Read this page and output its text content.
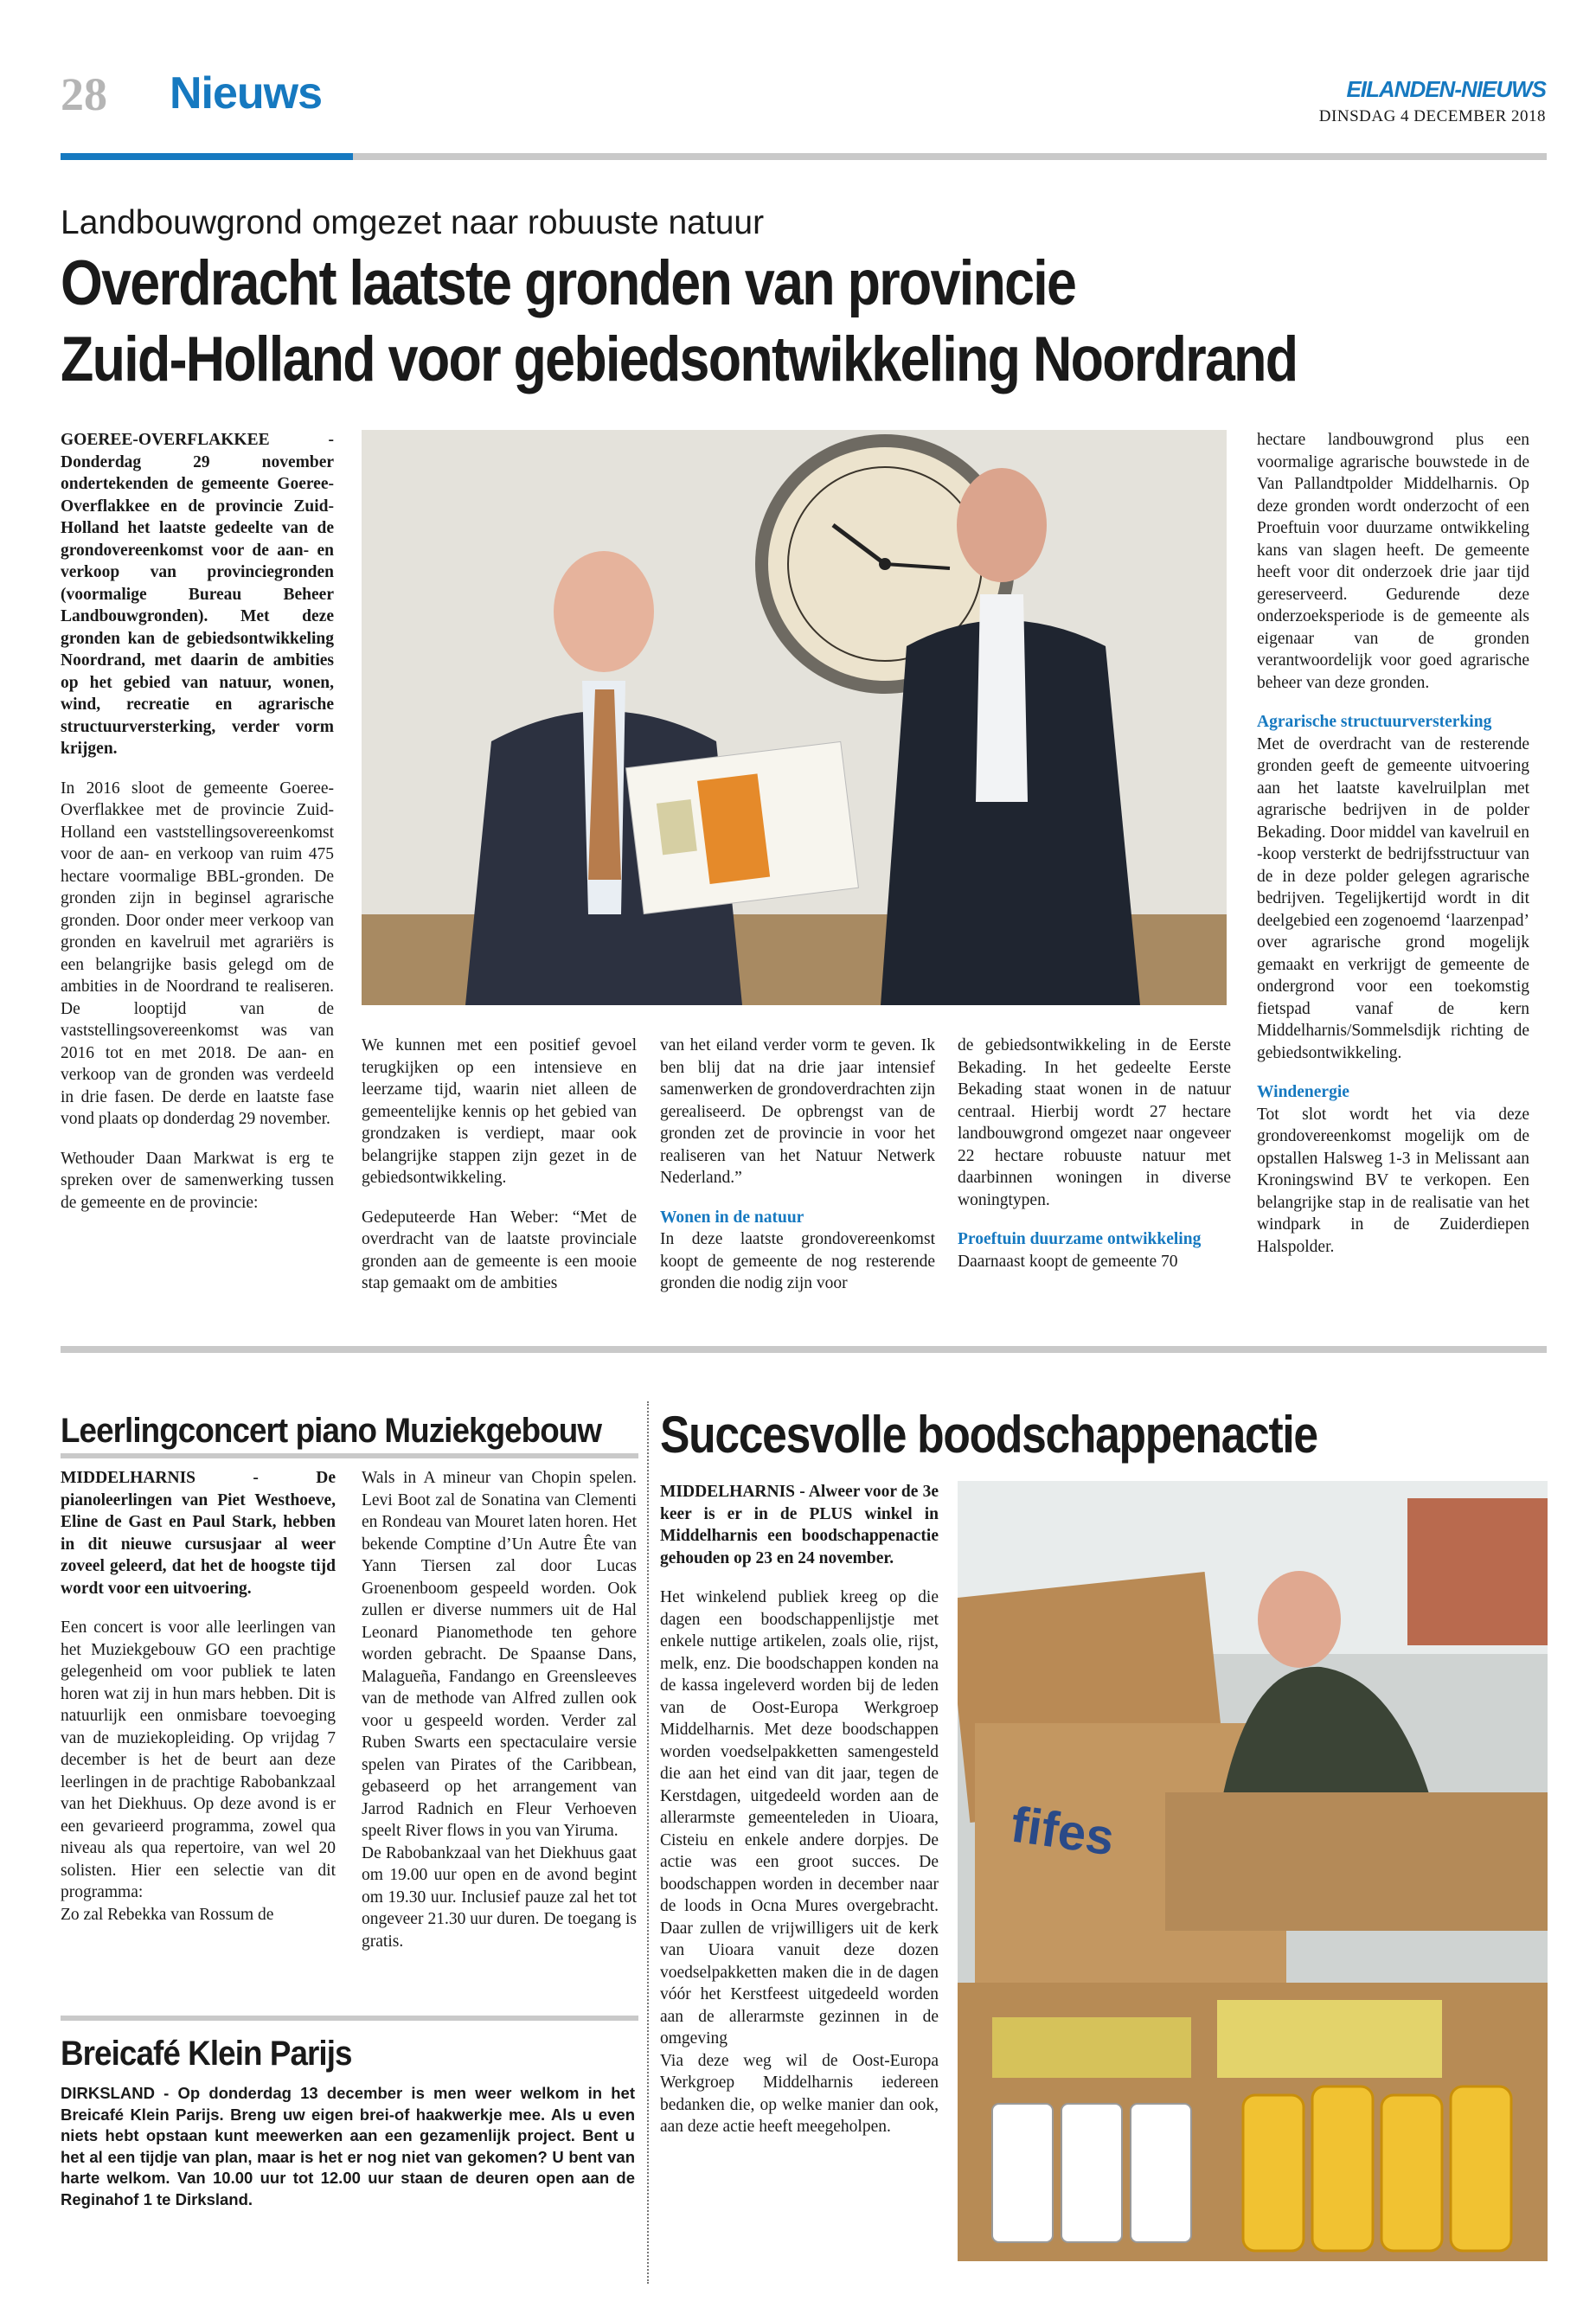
28 Nieuws	EILANDEN-NIEUWS
DINSDAG 4 DECEMBER 2018
Landbouwgrond omgezet naar robuuste natuur
Overdracht laatste gronden van provincie
Zuid-Holland voor gebiedsontwikkeling Noordrand

GOEREE-OVERFLAKKEE - Donderdag 29 november ondertekenden de gemeente Goeree-Overflakkee en de provincie Zuid-Holland het laatste gedeelte van de grondovereenkomst voor de aan- en verkoop van provinciegronden (voormalige Bureau Beheer Landbouwgronden). Met deze gronden kan de gebiedsontwikkeling Noordrand, met daarin de ambities op het gebied van natuur, wonen, wind, recreatie en agrarische structuurversterking, verder vorm krijgen.

In 2016 sloot de gemeente Goeree-Overflakkee met de provincie Zuid-Holland een vaststellingsovereenkomst voor de aan- en verkoop van ruim 475 hectare voormalige BBL-gronden. De gronden zijn in beginsel agrarische gronden. Door onder meer verkoop van gronden en kavelruil met agrariërs is een belangrijke basis gelegd om de ambities in de Noordrand te realiseren. De looptijd van de vaststellingsovereenkomst was van 2016 tot en met 2018. De aan- en verkoop van de gronden was verdeeld in drie fasen. De derde en laatste fase vond plaats op donderdag 29 november.

Wethouder Daan Markwat is erg te spreken over de samenwerking tussen de gemeente en de provincie:

We kunnen met een positief gevoel terugkijken op een intensieve en leerzame tijd, waarin niet alleen de gemeentelijke kennis op het gebied van grondzaken is verdiept, maar ook belangrijke stappen zijn gezet in de gebiedsontwikkeling.

Gedeputeerde Han Weber: “Met de overdracht van de laatste provinciale gronden aan de gemeente is een mooie stap gemaakt om de ambities

van het eiland verder vorm te geven. Ik ben blij dat na drie jaar intensief samenwerken de grondoverdrachten zijn gerealiseerd. De opbrengst van de gronden zet de provincie in voor het realiseren van het Natuur Netwerk Nederland.”

Wonen in de natuur

In deze laatste grondovereenkomst koopt de gemeente de nog resterende gronden die nodig zijn voor

de gebiedsontwikkeling in de Eerste Bekading. In het gedeelte Eerste Bekading staat wonen in de natuur centraal. Hierbij wordt 27 hectare landbouwgrond omgezet naar ongeveer 22 hectare robuuste natuur met daarbinnen woningen in diverse woningtypen.

Proeftuin duurzame ontwikkeling

Daarnaast koopt de gemeente 70

hectare landbouwgrond plus een voormalige agrarische bouwstede in de Van Pallandtpolder Middelharnis. Op deze gronden wordt onderzocht of een Proeftuin voor duurzame ontwikkeling kans van slagen heeft. De gemeente heeft voor dit onderzoek drie jaar tijd gereserveerd. Gedurende deze onderzoeksperiode is de gemeente als eigenaar van de gronden verantwoordelijk voor goed agrarische beheer van deze gronden.

Agrarische structuurversterking

Met de overdracht van de resterende gronden geeft de gemeente uitvoering aan het laatste kavelruilplan met agrarische bedrijven in de polder Bekading. Door middel van kavelruil en -koop versterkt de bedrijfsstructuur van de in deze polder gelegen agrarische bedrijven. Tegelijkertijd wordt in dit deelgebied een zogenoemd ‘laarzenpad’ over agrarische grond mogelijk gemaakt en verkrijgt de gemeente de ondergrond voor een toekomstig fietspad vanaf de kern Middelharnis/Sommelsdijk richting de gebiedsontwikkeling.

Windenergie

Tot slot wordt het via deze grondovereenkomst mogelijk om de opstallen Halsweg 1-3 in Melissant aan Kroningswind BV te verkopen. Een belangrijke stap in de realisatie van het windpark in de Zuiderdiepen Halspolder.

Leerlingconcert piano Muziekgebouw

MIDDELHARNIS - De pianoleerlingen van Piet Westhoeve, Eline de Gast en Paul Stark, hebben in dit nieuwe cursusjaar al weer zoveel geleerd, dat het de hoogste tijd wordt voor een uitvoering.

Een concert is voor alle leerlingen van het Muziekgebouw GO een prachtige gelegenheid om voor publiek te laten horen wat zij in hun mars hebben. Dit is natuurlijk een onmisbare toevoeging van de muziekopleiding. Op vrijdag 7 december is het de beurt aan deze leerlingen in de prachtige Rabobankzaal van het Diekhuus. Op deze avond is er een gevarieerd programma, zowel qua niveau als qua repertoire, van wel 20 solisten. Hier een selectie van dit programma:

Zo zal Rebekka van Rossum de

Wals in A mineur van Chopin spelen. Levi Boot zal de Sonatina van Clementi en Rondeau van Mouret laten horen. Het bekende Comptine d’Un Autre Ête van Yann Tiersen zal door Lucas Groenenboom gespeeld worden. Ook zullen er diverse nummers uit de Hal Leonard Pianomethode ten gehore worden gebracht. De Spaanse Dans, Malagueña, Fandango en Greensleeves van de methode van Alfred zullen ook voor u gespeeld worden. Verder zal Ruben Swarts een spectaculaire versie spelen van Pirates of the Caribbean, gebaseerd op het arrangement van Jarrod Radnich en Fleur Verhoeven speelt River flows in you van Yiruma.

De Rabobankzaal van het Diekhuus gaat om 19.00 uur open en de avond begint om 19.30 uur. Inclusief pauze zal het tot ongeveer 21.30 uur duren. De toegang is gratis.

Succesvolle boodschappenactie

MIDDELHARNIS - Alweer voor de 3e keer is er in de PLUS winkel in Middelharnis een boodschappenactie gehouden op 23 en 24 november.

Het winkelend publiek kreeg op die dagen een boodschappenlijstje met enkele nuttige artikelen, zoals olie, rijst, melk, enz. Die boodschappen konden na de kassa ingeleverd worden bij de leden van de Oost-Europa Werkgroep Middelharnis. Met deze boodschappen worden voedselpakketten samengesteld die aan het eind van dit jaar, tegen de Kerstdagen, uitgedeeld worden aan de allerarmste gemeenteleden in Uioara, Cisteiu en enkele andere dorpjes. De actie was een groot succes. De boodschappen worden in december naar de loods in Ocna Mures overgebracht. Daar zullen de vrijwilligers uit de kerk van Uioara vanuit deze dozen voedselpakketten maken die in de dagen vóór het Kerstfeest uitgedeeld worden aan de allerarmste gezinnen in de omgeving

Via deze weg wil de Oost-Europa Werkgroep Middelharnis iedereen bedanken die, op welke manier dan ook, aan deze actie heeft meegeholpen.

fifes
Breicafé Klein Parijs
DIRKSLAND - Op donderdag 13 december is men weer welkom in het Breicafé Klein Parijs. Breng uw eigen brei-of haakwerkje mee. Als u even niets hebt opstaan kunt meewerken aan een gezamenlijk project. Bent u het al een tijdje van plan, maar is het er nog niet van gekomen? U bent van harte welkom. Van 10.00 uur tot 12.00 uur staan de deuren open aan de Reginahof 1 te Dirksland.
